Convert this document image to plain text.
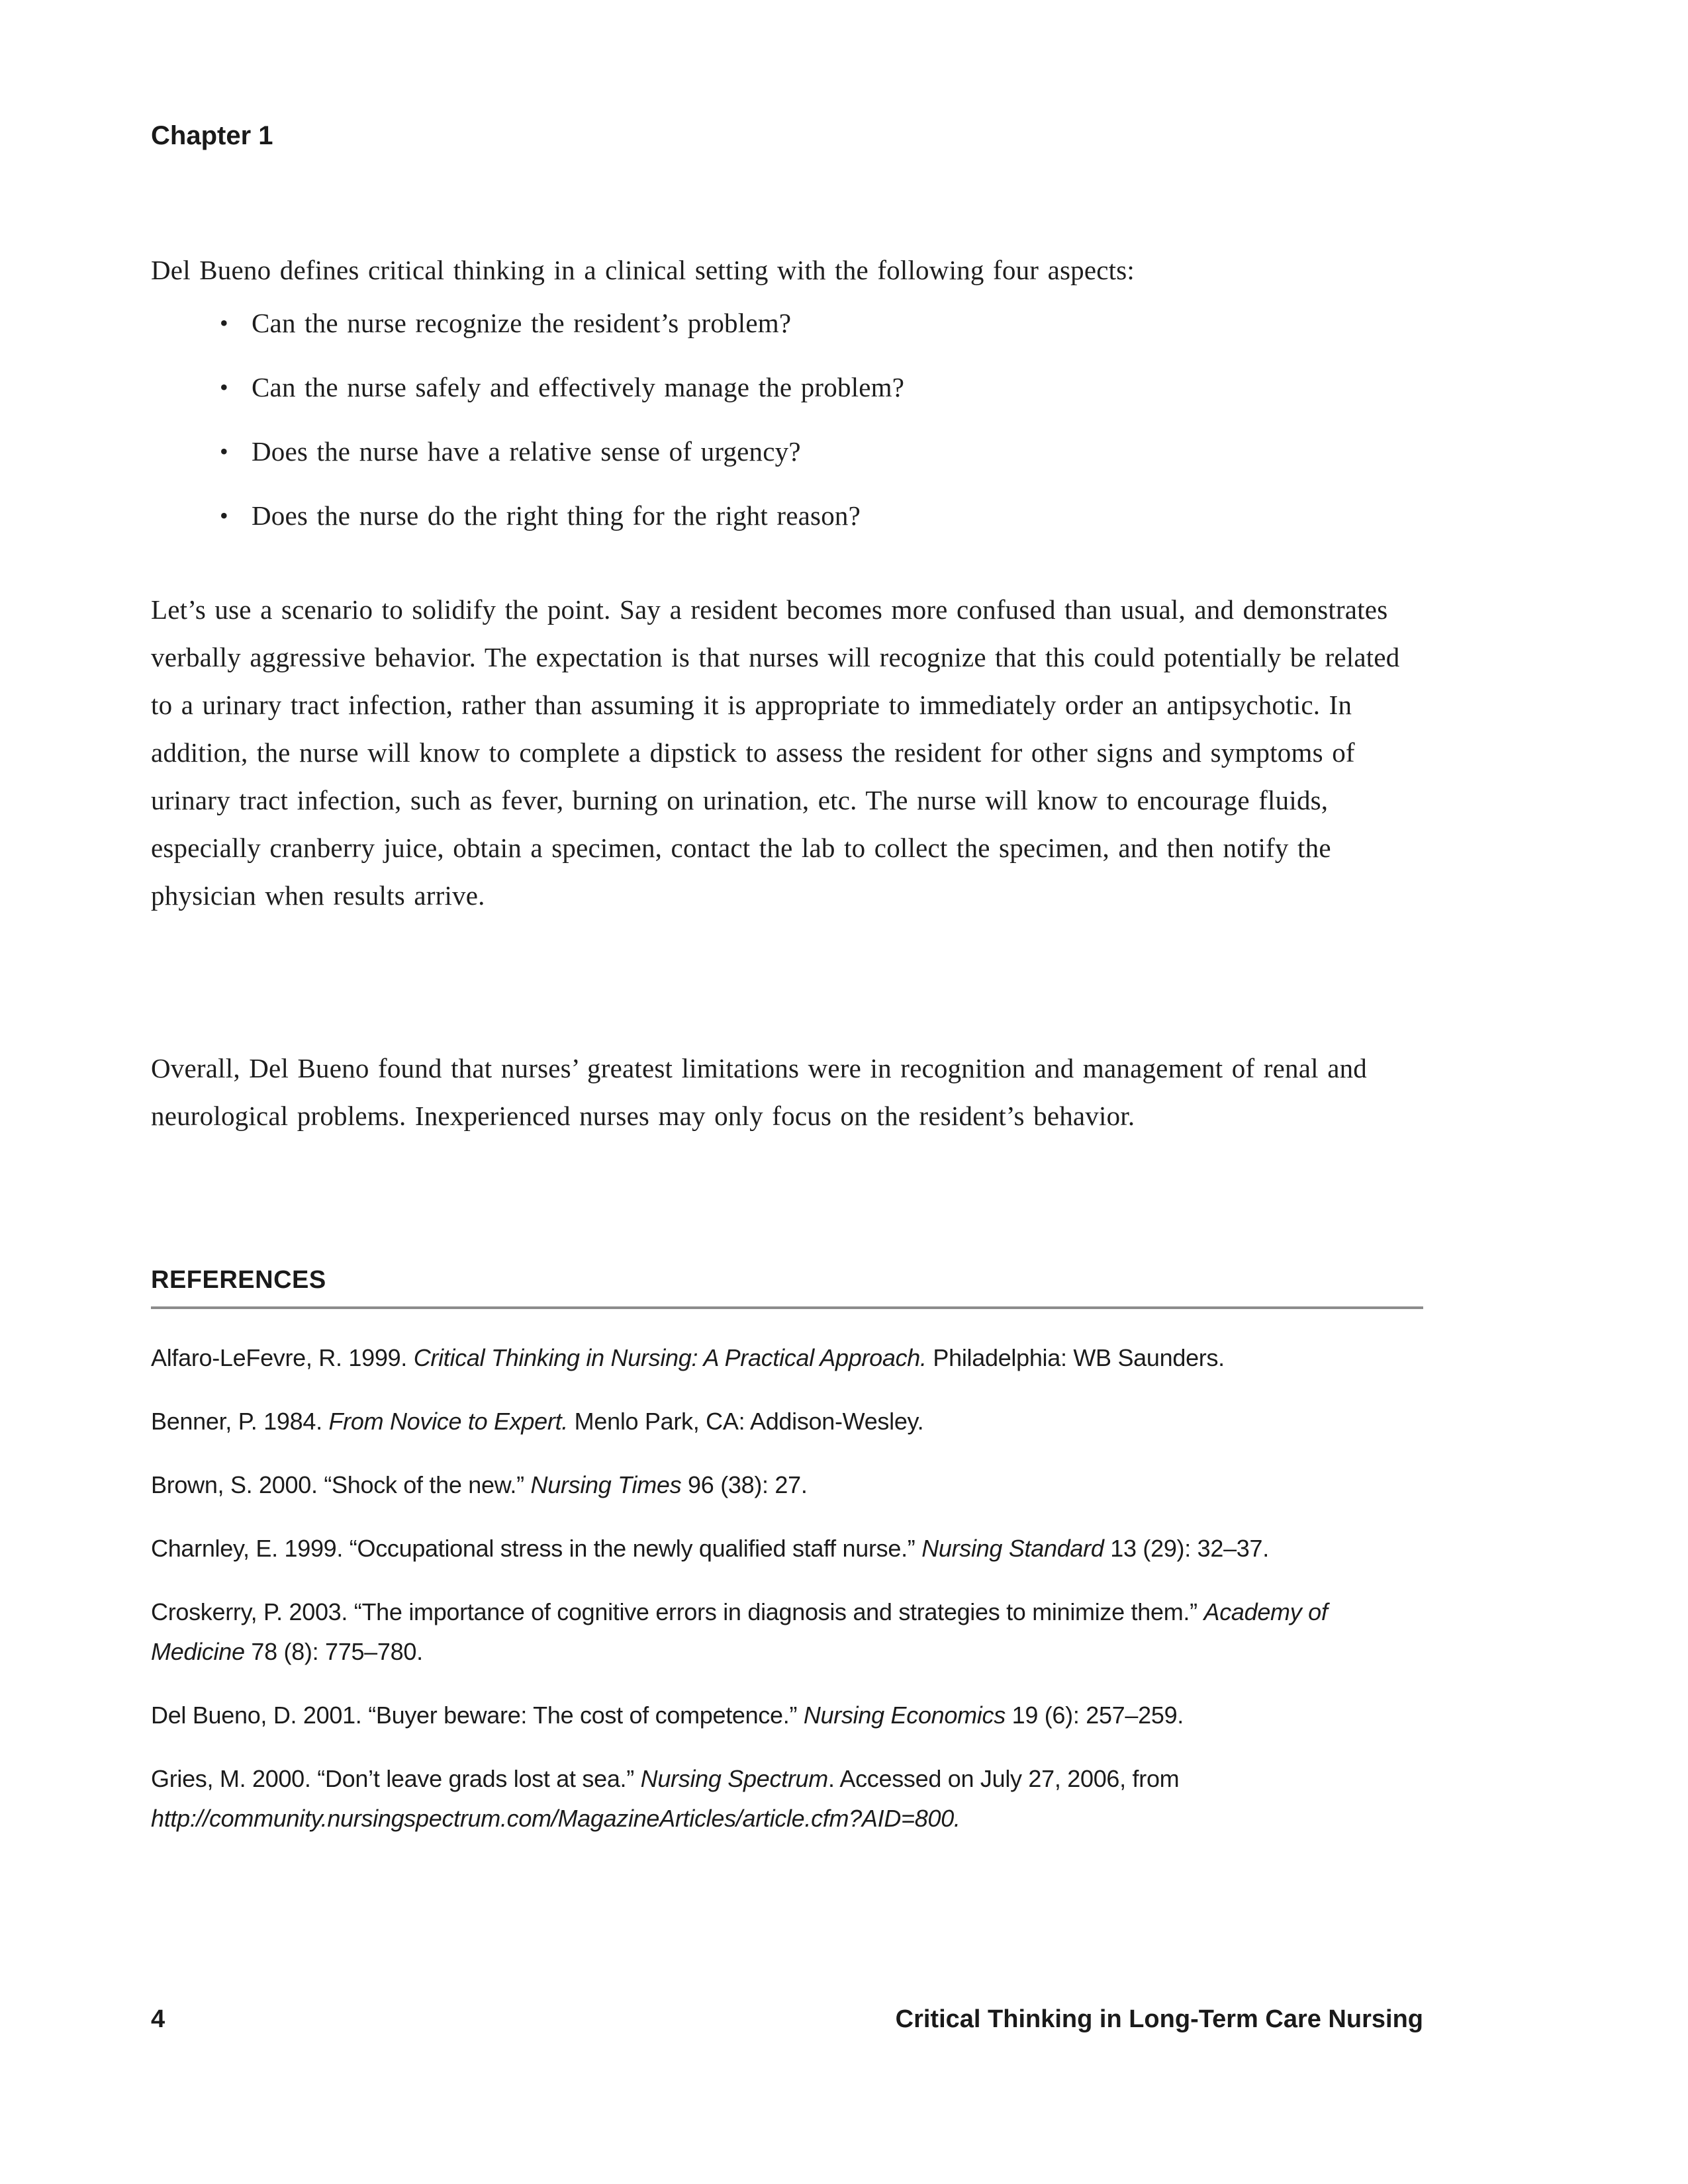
Chapter 1
Del Bueno defines critical thinking in a clinical setting with the following four aspects:
• Can the nurse recognize the resident’s problem?
• Can the nurse safely and effectively manage the problem?
• Does the nurse have a relative sense of urgency?
• Does the nurse do the right thing for the right reason?
Let’s use a scenario to solidify the point. Say a resident becomes more confused than usual, and demonstrates verbally aggressive behavior. The expectation is that nurses will recognize that this could potentially be related to a urinary tract infection, rather than assuming it is appropriate to immediately order an antipsychotic. In addition, the nurse will know to complete a dipstick to assess the resident for other signs and symptoms of urinary tract infection, such as fever, burning on urination, etc. The nurse will know to encourage fluids, especially cranberry juice, obtain a specimen, contact the lab to collect the specimen, and then notify the physician when results arrive.
Overall, Del Bueno found that nurses’ greatest limitations were in recognition and management of renal and neurological problems. Inexperienced nurses may only focus on the resident’s behavior.
REFERENCES
Alfaro-LeFevre, R. 1999. Critical Thinking in Nursing: A Practical Approach. Philadelphia: WB Saunders.
Benner, P. 1984. From Novice to Expert. Menlo Park, CA: Addison-Wesley.
Brown, S. 2000. “Shock of the new.” Nursing Times 96 (38): 27.
Charnley, E. 1999. “Occupational stress in the newly qualified staff nurse.” Nursing Standard 13 (29): 32–37.
Croskerry, P. 2003. “The importance of cognitive errors in diagnosis and strategies to minimize them.” Academy of Medicine 78 (8): 775–780.
Del Bueno, D. 2001. “Buyer beware: The cost of competence.” Nursing Economics 19 (6): 257–259.
Gries, M. 2000. “Don’t leave grads lost at sea.” Nursing Spectrum. Accessed on July 27, 2006, from http://community.nursingspectrum.com/MagazineArticles/article.cfm?AID=800.
4	Critical Thinking in Long-Term Care Nursing
